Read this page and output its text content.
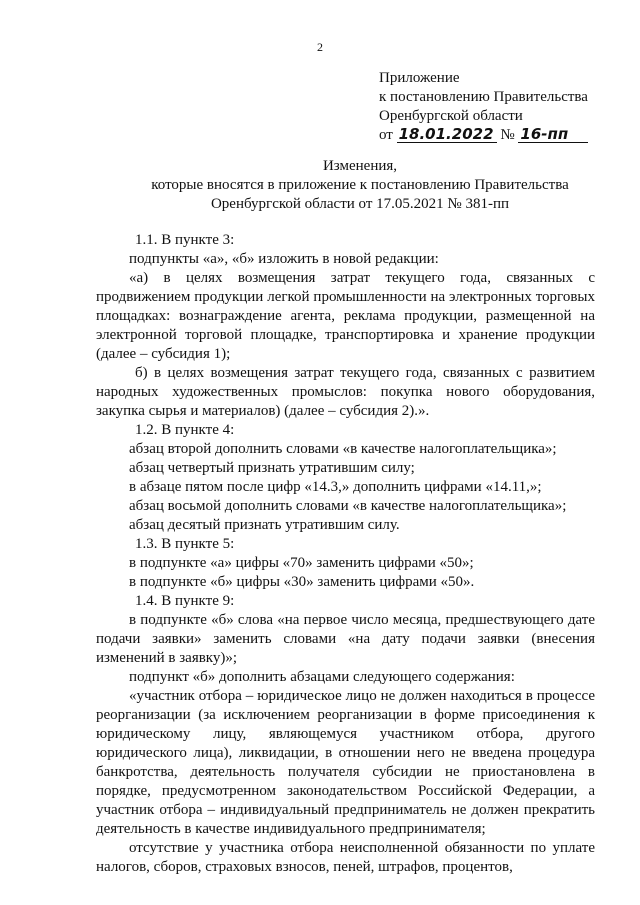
2
Приложение
к постановлению Правительства
Оренбургской области
от 18.01.2022 № 16-пп
Изменения,
которые вносятся в приложение к постановлению Правительства
Оренбургской области от 17.05.2021 № 381-пп

1.1. В пункте 3:

подпункты «а», «б» изложить в новой редакции:

«а) в целях возмещения затрат текущего года, связанных с продвижением продукции легкой промышленности на электронных торговых площадках: вознаграждение агента, реклама продукции, размещенной на электронной торговой площадке, транспортировка и хранение продукции (далее – субсидия 1);

б) в целях возмещения затрат текущего года, связанных с развитием народных художественных промыслов: покупка нового оборудования, закупка сырья и материалов) (далее – субсидия 2).».

1.2. В пункте 4:

абзац второй дополнить словами «в качестве налогоплательщика»;

абзац четвертый признать утратившим силу;

в абзаце пятом после цифр «14.3,» дополнить цифрами «14.11,»;

абзац восьмой дополнить словами «в качестве налогоплательщика»;

абзац десятый признать утратившим силу.

1.3. В пункте 5:

в подпункте «а» цифры «70» заменить цифрами «50»;

в подпункте «б» цифры «30» заменить цифрами «50».

1.4. В пункте 9:

в подпункте «б» слова «на первое число месяца, предшествующего дате подачи заявки» заменить словами «на дату подачи заявки (внесения изменений в заявку)»;

подпункт «б» дополнить абзацами следующего содержания:

«участник отбора – юридическое лицо не должен находиться в процессе реорганизации (за исключением реорганизации в форме присоединения к юридическому лицу, являющемуся участником отбора, другого юридического лица), ликвидации, в отношении него не введена процедура банкротства, деятельность получателя субсидии не приостановлена в порядке, предусмотренном законодательством Российской Федерации, а участник отбора – индивидуальный предприниматель не должен прекратить деятельность в качестве индивидуального предпринимателя;

отсутствие у участника отбора неисполненной обязанности по уплате налогов, сборов, страховых взносов, пеней, штрафов, процентов,
